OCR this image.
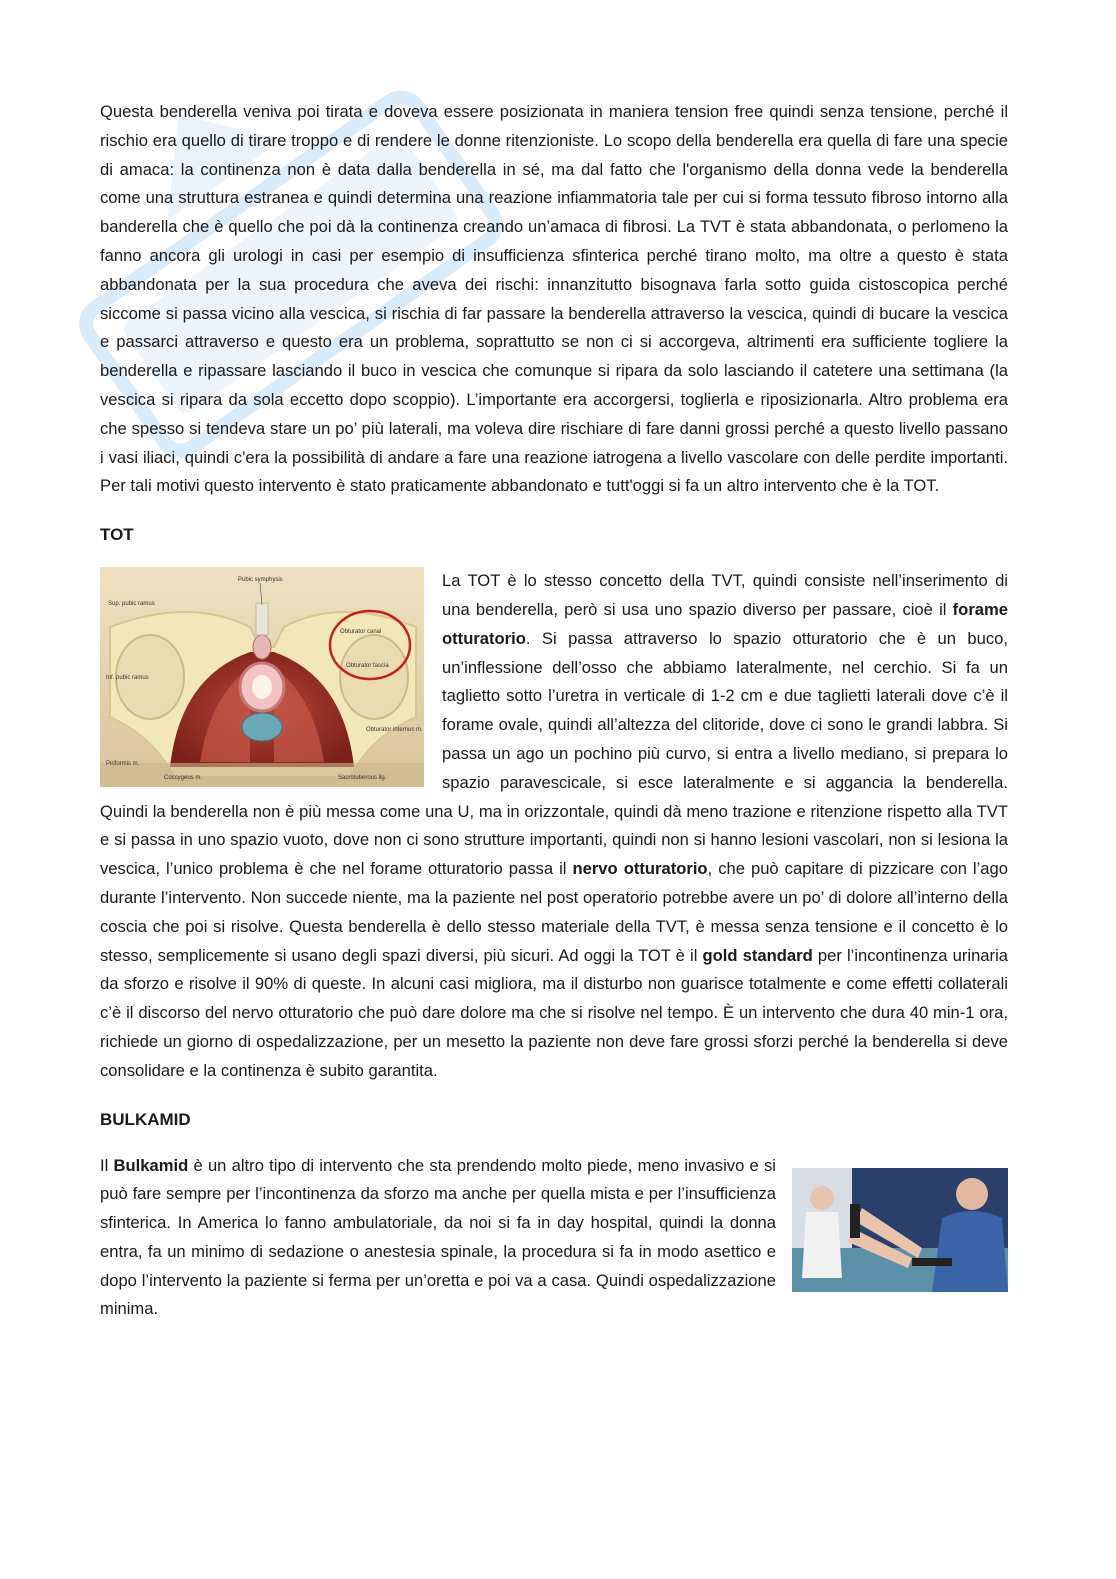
Questa benderella veniva poi tirata e doveva essere posizionata in maniera tension free quindi senza tensione, perché il rischio era quello di tirare troppo e di rendere le donne ritenzioniste. Lo scopo della benderella era quella di fare una specie di amaca: la continenza non è data dalla benderella in sé, ma dal fatto che l'organismo della donna vede la benderella come una struttura estranea e quindi determina una reazione infiammatoria tale per cui si forma tessuto fibroso intorno alla banderella che è quello che poi dà la continenza creando un’amaca di fibrosi. La TVT è stata abbandonata, o perlomeno la fanno ancora gli urologi in casi per esempio di insufficienza sfinterica perché tirano molto, ma oltre a questo è stata abbandonata per la sua procedura che aveva dei rischi: innanzitutto bisognava farla sotto guida cistoscopica perché siccome si passa vicino alla vescica, si rischia di far passare la benderella attraverso la vescica, quindi di bucare la vescica e passarci attraverso e questo era un problema, soprattutto se non ci si accorgeva, altrimenti era sufficiente togliere la benderella e ripassare lasciando il buco in vescica che comunque si ripara da solo lasciando il catetere una settimana (la vescica si ripara da sola eccetto dopo scoppio). L’importante era accorgersi, toglierla e riposizionarla. Altro problema era che spesso si tendeva stare un po’ più laterali, ma voleva dire rischiare di fare danni grossi perché a questo livello passano i vasi iliaci, quindi c'era la possibilità di andare a fare una reazione iatrogena a livello vascolare con delle perdite importanti. Per tali motivi questo intervento è stato praticamente abbandonato e tutt'oggi si fa un altro intervento che è la TOT.

TOT
Pubic symphysis
Sup. pubic ramus
Inf. pubic ramus
Obturator canal
Obturator fascia
Obturator internus m.
Sacrotuberous lig.
Piriformis m.
Coccygeus m.

La TOT è lo stesso concetto della TVT, quindi consiste nell’inserimento di una benderella, però si usa uno spazio diverso per passare, cioè il forame otturatorio. Si passa attraverso lo spazio otturatorio che è un buco, un’inflessione dell’osso che abbiamo lateralmente, nel cerchio. Si fa un taglietto sotto l’uretra in verticale di 1-2 cm e due taglietti laterali dove c’è il forame ovale, quindi all’altezza del clitoride, dove ci sono le grandi labbra. Si passa un ago un pochino più curvo, si entra a livello mediano, si prepara lo spazio paravescicale, si esce lateralmente e si aggancia la benderella. Quindi la benderella non è più messa come una U, ma in orizzontale, quindi dà meno trazione e ritenzione rispetto alla TVT e si passa in uno spazio vuoto, dove non ci sono strutture importanti, quindi non si hanno lesioni vascolari, non si lesiona la vescica, l’unico problema è che nel forame otturatorio passa il nervo otturatorio, che può capitare di pizzicare con l’ago durante l’intervento. Non succede niente, ma la paziente nel post operatorio potrebbe avere un po’ di dolore all’interno della coscia che poi si risolve. Questa benderella è dello stesso materiale della TVT, è messa senza tensione e il concetto è lo stesso, semplicemente si usano degli spazi diversi, più sicuri. Ad oggi la TOT è il gold standard per l’incontinenza urinaria da sforzo e risolve il 90% di queste. In alcuni casi migliora, ma il disturbo non guarisce totalmente e come effetti collaterali c’è il discorso del nervo otturatorio che può dare dolore ma che si risolve nel tempo. È un intervento che dura 40 min-1 ora, richiede un giorno di ospedalizzazione, per un mesetto la paziente non deve fare grossi sforzi perché la benderella si deve consolidare e la continenza è subito garantita.

BULKAMID

Il Bulkamid è un altro tipo di intervento che sta prendendo molto piede, meno invasivo e si può fare sempre per l’incontinenza da sforzo ma anche per quella mista e per l’insufficienza sfinterica. In America lo fanno ambulatoriale, da noi si fa in day hospital, quindi la donna entra, fa un minimo di sedazione o anestesia spinale, la procedura si fa in modo asettico e dopo l’intervento la paziente si ferma per un’oretta e poi va a casa. Quindi ospedalizzazione minima.
